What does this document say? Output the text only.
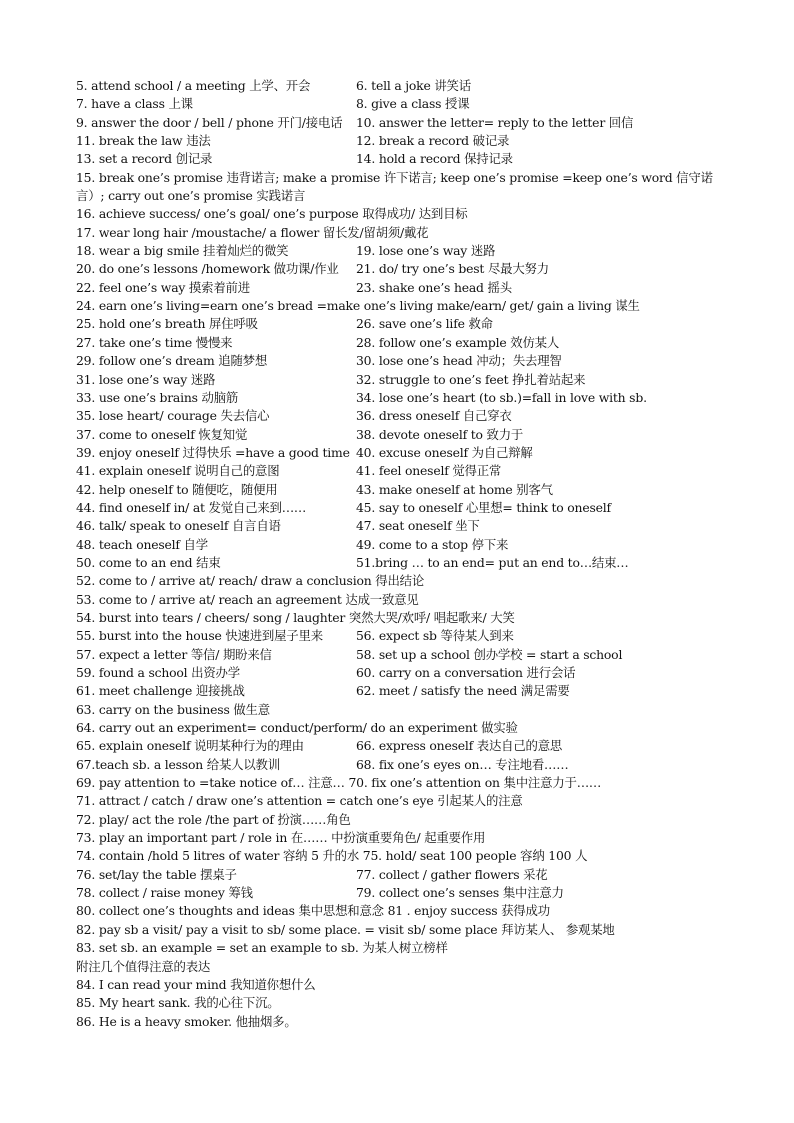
5. attend school / a meeting 上学、开会	6. tell a joke 讲笑话
7. have a class 上课	8. give a class 授课
9. answer the door / bell / phone 开门/接电话	10. answer the letter= reply to the letter 回信
11. break the law 违法	12. break a record 破记录
13. set a record 创记录	14. hold a record 保持记录
15. break one’s promise 违背诺言; make a promise 许下诺言; keep one’s promise =keep one’s word 信守诺言）; carry out one’s promise 实践诺言
16. achieve success/ one’s goal/ one’s purpose 取得成功/ 达到目标
17. wear long hair /moustache/ a flower 留长发/留胡须/戴花
18. wear a big smile 挂着灿烂的微笑	19. lose one’s way 迷路
20. do one’s lessons /homework 做功课/作业	21. do/ try one’s best 尽最大努力
22. feel one’s way 摸索着前进	23. shake one’s head 摇头
24. earn one’s living=earn one’s bread =make one’s living make/earn/ get/ gain a living 谋生
25. hold one’s breath 屏住呼吸	26. save one’s life 救命
27. take one’s time 慢慢来	28. follow one’s example 效仿某人
29. follow one’s dream 追随梦想	30. lose one’s head 冲动；失去理智
31. lose one’s way 迷路	32. struggle to one’s feet 挣扎着站起来
33. use one’s brains 动脑筋	34. lose one’s heart (to sb.)=fall in love with sb.
35. lose heart/ courage 失去信心	36. dress oneself 自己穿衣
37. come to oneself 恢复知觉	38. devote oneself to 致力于
39. enjoy oneself 过得快乐 =have a good time 40. excuse oneself 为自己辩解
41. explain oneself 说明自己的意图	41. feel oneself 觉得正常
42. help oneself to 随便吃，随便用	43. make oneself at home 别客气
44. find oneself in/ at 发觉自己来到……	45. say to oneself 心里想= think to oneself
46. talk/ speak to oneself 自言自语	47. seat oneself 坐下
48. teach oneself 自学	49. come to a stop 停下来
50. come to an end 结束	51.bring … to an end= put an end to…结束…
52. come to / arrive at/ reach/ draw a conclusion 得出结论
53. come to / arrive at/ reach an agreement 达成一致意见
54. burst into tears / cheers/ song / laughter 突然大哭/欢呼/ 唱起歌来/ 大笑
55. burst into the house 快速进到屋子里来	56. expect sb 等待某人到来
57. expect a letter 等信/ 期盼来信	58. set up a school 创办学校 = start a school
59. found a school 出资办学	60. carry on a conversation 进行会话
61. meet challenge 迎接挑战	62. meet / satisfy the need 满足需要
63. carry on the business 做生意
64. carry out an experiment= conduct/perform/ do an experiment 做实验
65. explain oneself 说明某种行为的理由	66. express oneself 表达自己的意思
67.teach sb. a lesson 给某人以教训	68. fix one’s eyes on… 专注地看……
69. pay attention to =take notice of… 注意… 70. fix one’s attention on 集中注意力于……
71. attract / catch / draw one’s attention = catch one’s eye 引起某人的注意
72. play/ act the role /the part of 扮演……角色
73. play an important part / role in 在…… 中扮演重要角色/ 起重要作用
74. contain /hold 5 litres of water 容纳 5 升的水 75. hold/ seat 100 people 容纳 100 人
76. set/lay the table 摆桌子	77. collect / gather flowers 采花
78. collect / raise money 筹钱	79. collect one’s senses 集中注意力
80. collect one’s thoughts and ideas 集中思想和意念 81 . enjoy success 获得成功
82. pay sb a visit/ pay a visit to sb/ some place. = visit sb/ some place 拜访某人、 参观某地
83. set sb. an example = set an example to sb. 为某人树立榜样
附注几个值得注意的表达
84. I can read your mind 我知道你想什么
85. My heart sank. 我的心往下沉。
86. He is a heavy smoker. 他抽烟多。
